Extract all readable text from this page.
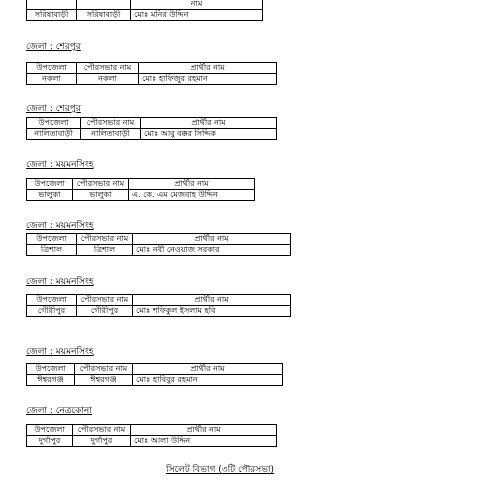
		নাম
সরিষাবাড়ী	সরিষাবাড়ী	মোঃ মনির উদ্দিন
জেলা : শেরপুর
উপজেলা	পৌরসভার নাম	প্রার্থীর নাম
নকলা	নকলা	মোঃ হাফিজুর রহমান
জেলা : শেরপুর
উপজেলা	পৌরসভার নাম	প্রার্থীর নাম
নালিতাবাড়ী	নালিতাবাড়ী	মোঃ আবু বক্কর সিদ্দিক
জেলা : ময়মনসিংহ
উপজেলা	পৌরসভার নাম	প্রার্থীর নাম
ভালুকা	ভালুকা	এ. কে. এম মেজবাহ উদ্দিন
জেলা : ময়মনসিংহ
উপজেলা	পৌরসভার নাম	প্রার্থীর নাম
ত্রিশাল	ত্রিশাল	মোঃ নবী নেওয়াজ সরকার
জেলা : ময়মনসিংহ
উপজেলা	পৌরসভার নাম	প্রার্থীর নাম
গৌরীপুর	গৌরীপুর	মোঃ শফিকুল ইসলাম হবি
জেলা : ময়মনসিংহ
উপজেলা	পৌরসভার নাম	প্রার্থীর নাম
ঈশ্বরগঞ্জ	ঈশ্বরগঞ্জ	মোঃ হাবিবুর রহমান
জেলা : নেত্রকোনা
উপজেলা	পৌরসভার নাম	প্রার্থীর নাম
দুর্গাপুর	দুর্গাপুর	মোঃ আলা উদ্দিন
সিলেট বিভাগ (৩টি পৌরসভা)
